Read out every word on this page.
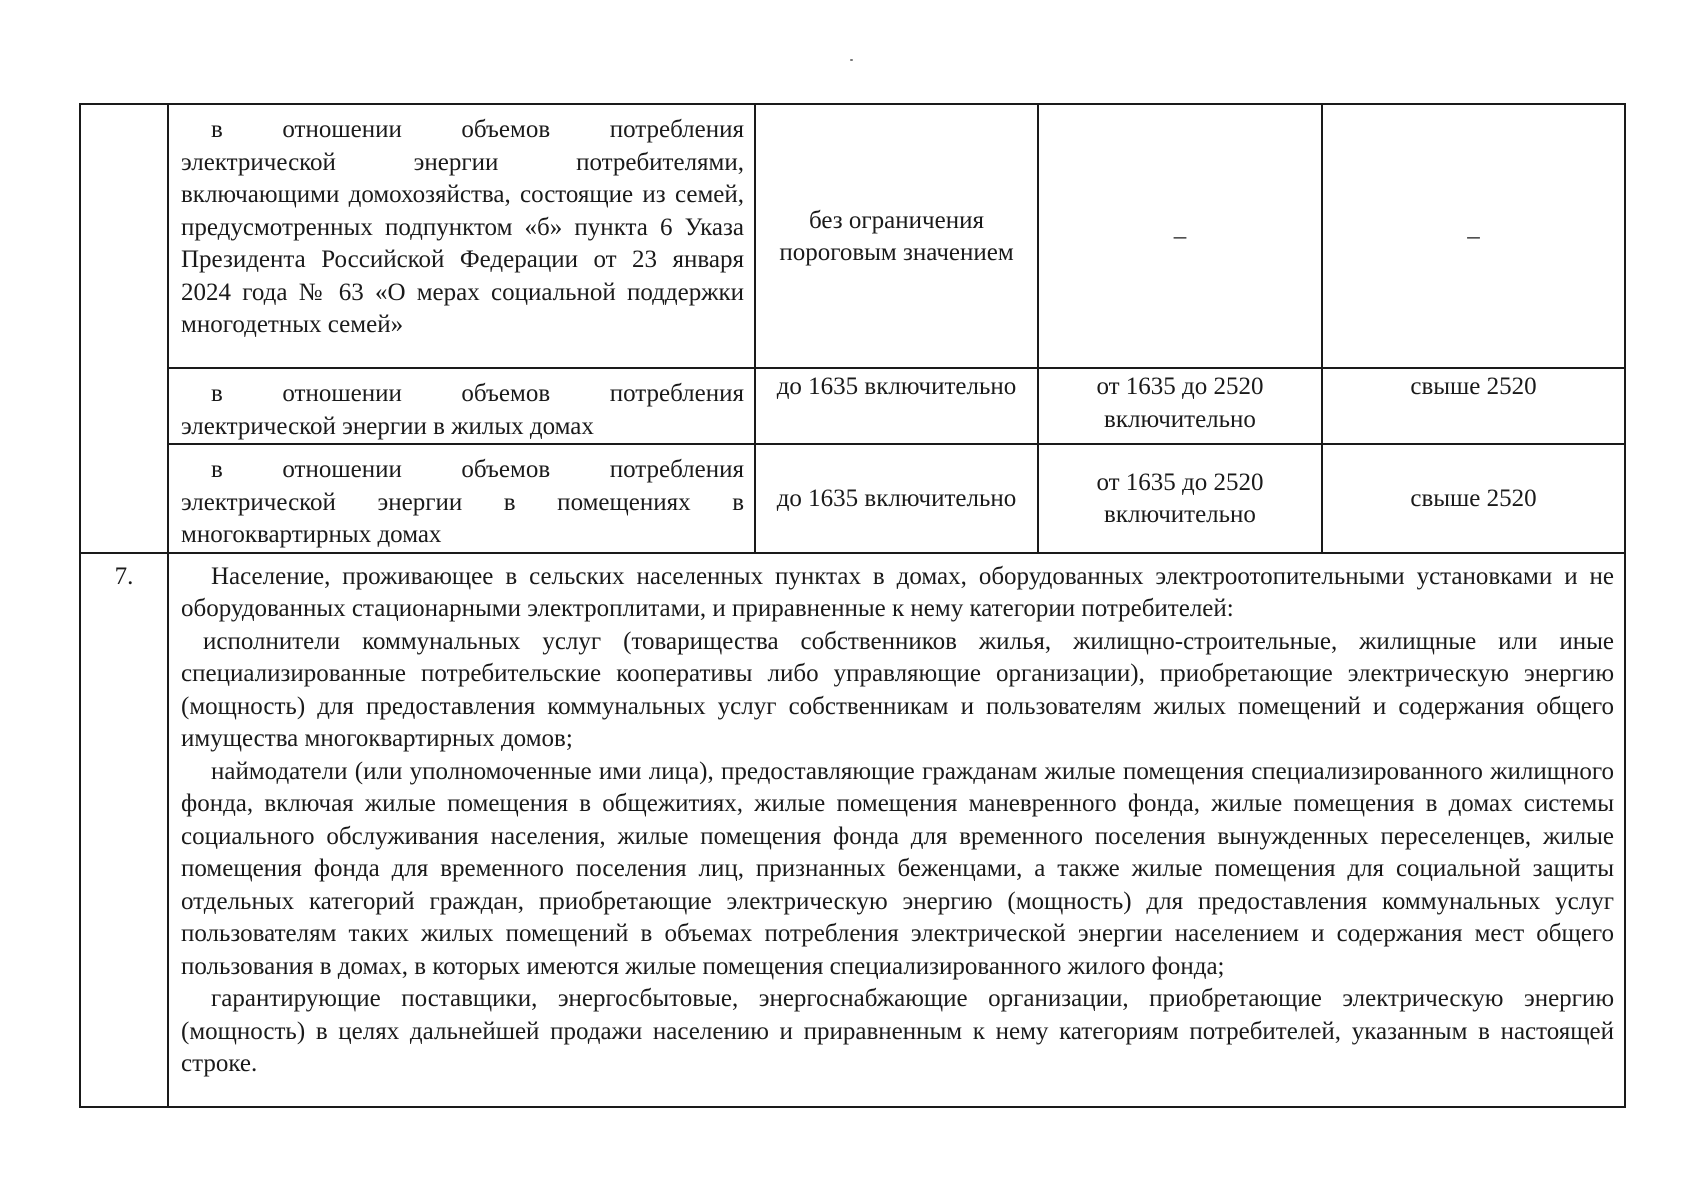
	в отношении объемов потребления электрической энергии потребителями, включающими домохозяйства, состоящие из семей, предусмотренных подпунктом «б» пункта 6 Указа Президента Российской Федерации от 23 января 2024 года № 63 «О мерах социальной поддержки многодетных семей»	без ограничения пороговым значением	–	–
	в отношении объемов потребления электрической энергии в жилых домах	до 1635 включительно	от 1635 до 2520 включительно	свыше 2520
	в отношении объемов потребления электрической энергии в помещениях в многоквартирных домах	до 1635 включительно	от 1635 до 2520 включительно	свыше 2520
7.	Население, проживающее в сельских населенных пунктах в домах, оборудованных электроотопительными установками и не оборудованных стационарными электроплитами, и приравненные к нему категории потребителей:

исполнители коммунальных услуг (товарищества собственников жилья, жилищно-строительные, жилищные или иные специализированные потребительские кооперативы либо управляющие организации), приобретающие электрическую энергию (мощность) для предоставления коммунальных услуг собственникам и пользователям жилых помещений и содержания общего имущества многоквартирных домов;

наймодатели (или уполномоченные ими лица), предоставляющие гражданам жилые помещения специализированного жилищного фонда, включая жилые помещения в общежитиях, жилые помещения маневренного фонда, жилые помещения в домах системы социального обслуживания населения, жилые помещения фонда для временного поселения вынужденных переселенцев, жилые помещения фонда для временного поселения лиц, признанных беженцами, а также жилые помещения для социальной защиты отдельных категорий граждан, приобретающие электрическую энергию (мощность) для предоставления коммунальных услуг пользователям таких жилых помещений в объемах потребления электрической энергии населением и содержания мест общего пользования в домах, в которых имеются жилые помещения специализированного жилого фонда;

гарантирующие поставщики, энергосбытовые, энергоснабжающие организации, приобретающие электрическую энергию (мощность) в целях дальнейшей продажи населению и приравненным к нему категориям потребителей, указанным в настоящей строке.			
